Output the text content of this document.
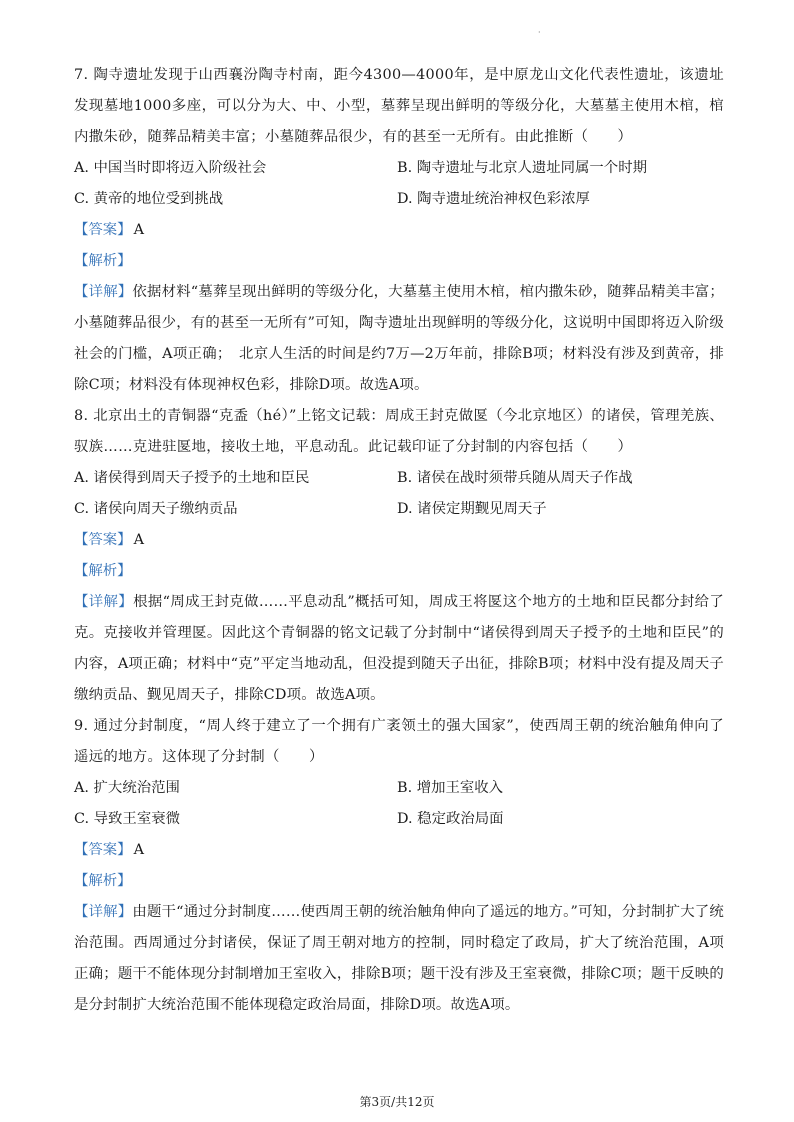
·

7. 陶寺遗址发现于山西襄汾陶寺村南，距今4300—4000年，是中原龙山文化代表性遗址，该遗址发现墓地1000多座，可以分为大、中、小型，墓葬呈现出鲜明的等级分化，大墓墓主使用木棺，棺内撒朱砂，随葬品精美丰富；小墓随葬品很少，有的甚至一无所有。由此推断（　　）

A. 中国当时即将迈入阶级社会	B. 陶寺遗址与北京人遗址同属一个时期
C. 黄帝的地位受到挑战	D. 陶寺遗址统治神权色彩浓厚
【答案】 A
【解析】

【详解】依据材料“墓葬呈现出鲜明的等级分化，大墓墓主使用木棺，棺内撒朱砂，随葬品精美丰富；小墓随葬品很少，有的甚至一无所有”可知，陶寺遗址出现鲜明的等级分化，这说明中国即将迈入阶级社会的门槛，A项正确；　北京人生活的时间是约7万—2万年前，排除B项；材料没有涉及到黄帝，排除C项；材料没有体现神权色彩，排除D项。故选A项。

8. 北京出土的青铜器“克盉（hé）”上铭文记载：周成王封克做匽（今北京地区）的诸侯，管理羌族、驭族……克进驻匽地，接收土地，平息动乱。此记载印证了分封制的内容包括（　　）

A. 诸侯得到周天子授予的土地和臣民	B. 诸侯在战时须带兵随从周天子作战
C. 诸侯向周天子缴纳贡品	D. 诸侯定期觐见周天子
【答案】 A
【解析】

【详解】根据“周成王封克做……平息动乱”概括可知，周成王将匽这个地方的土地和臣民都分封给了克。克接收并管理匽。因此这个青铜器的铭文记载了分封制中“诸侯得到周天子授予的土地和臣民”的内容，A项正确；材料中“克”平定当地动乱，但没提到随天子出征，排除B项；材料中没有提及周天子缴纳贡品、觐见周天子，排除CD项。故选A项。

9. 通过分封制度，“周人终于建立了一个拥有广袤领土的强大国家”，使西周王朝的统治触角伸向了遥远的地方。这体现了分封制（　　）

A. 扩大统治范围	B. 增加王室收入
C. 导致王室衰微	D. 稳定政治局面
【答案】 A
【解析】

【详解】由题干“通过分封制度……使西周王朝的统治触角伸向了遥远的地方。”可知，分封制扩大了统治范围。西周通过分封诸侯，保证了周王朝对地方的控制，同时稳定了政局，扩大了统治范围，A项正确；题干不能体现分封制增加王室收入，排除B项；题干没有涉及王室衰微，排除C项；题干反映的是分封制扩大统治范围不能体现稳定政治局面，排除D项。故选A项。

第3页/共12页
